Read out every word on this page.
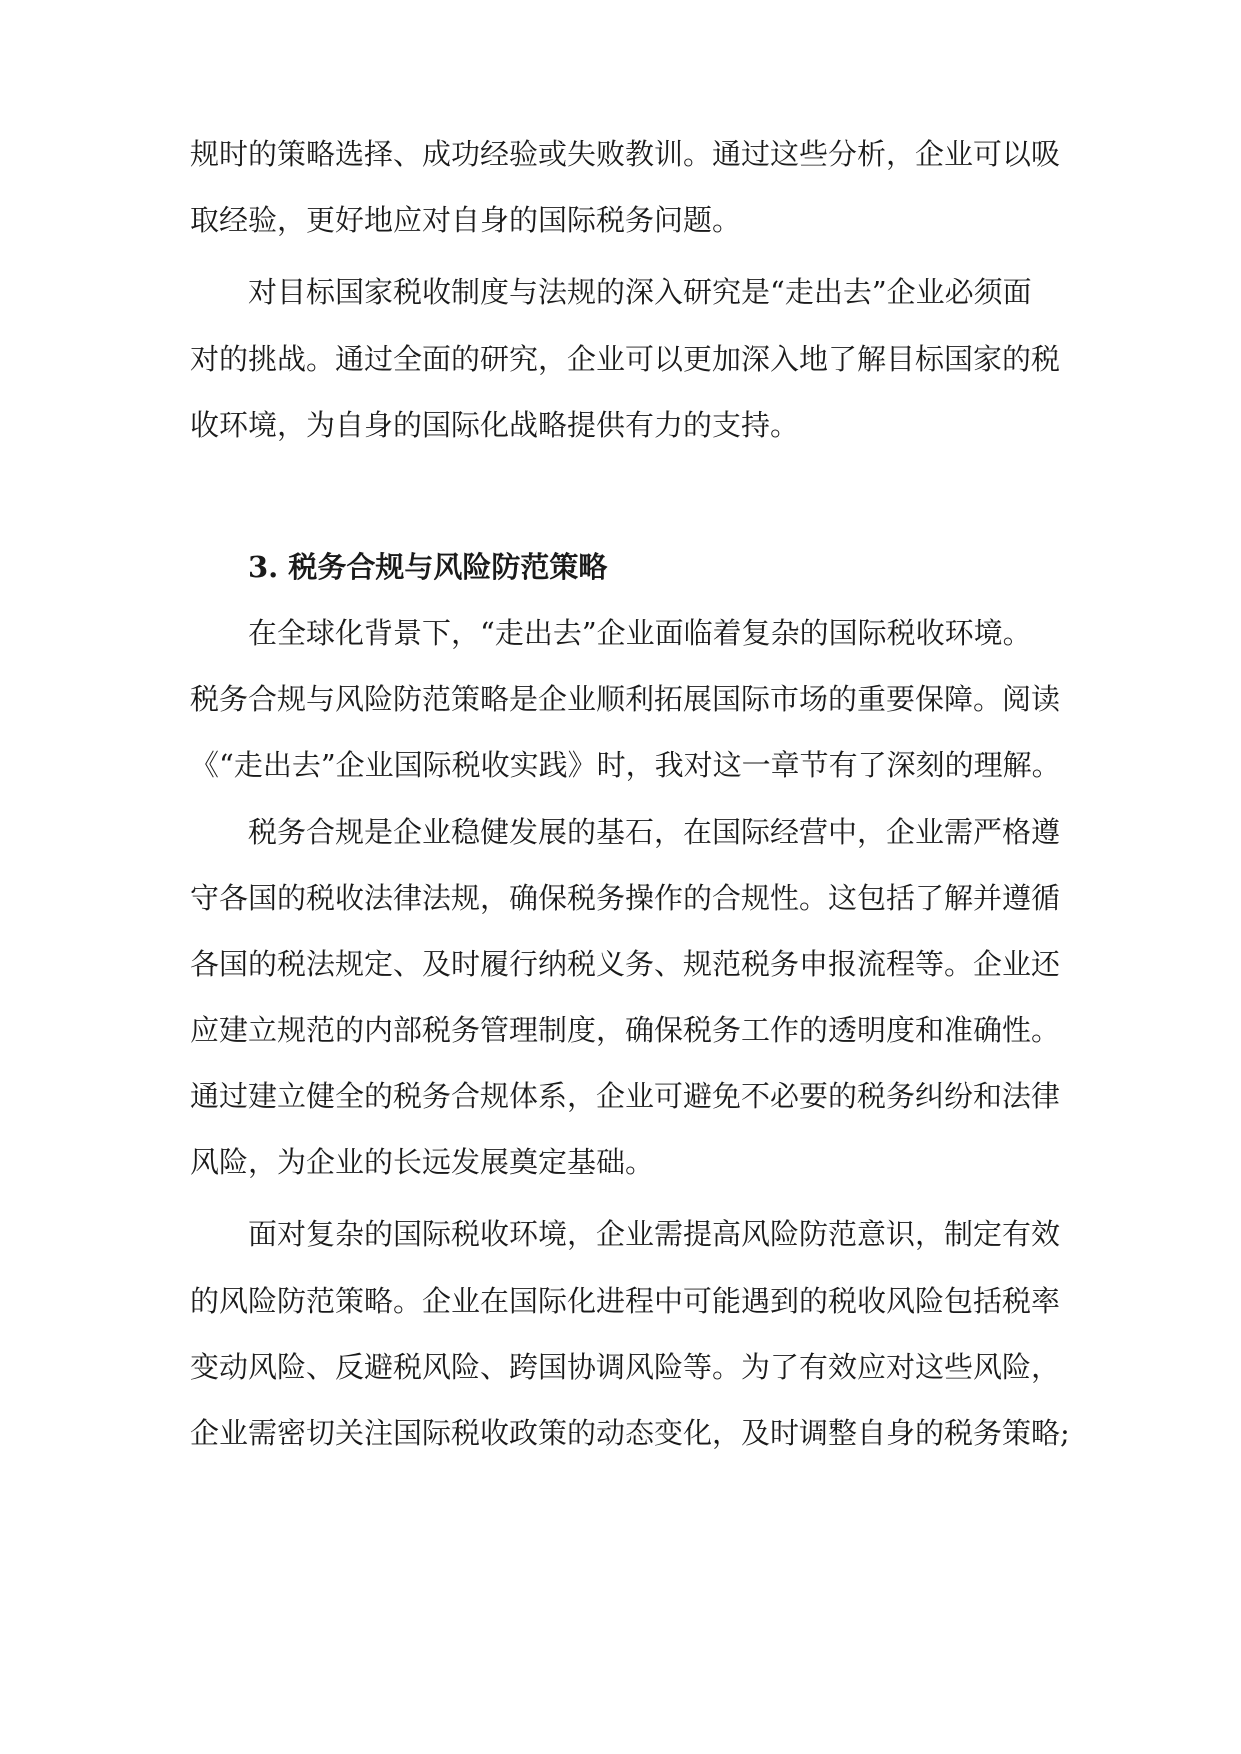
规时的策略选择、成功经验或失败教训。通过这些分析，企业可以吸
取经验，更好地应对自身的国际税务问题。
对目标国家税收制度与法规的深入研究是“走出去”企业必须面
对的挑战。通过全面的研究，企业可以更加深入地了解目标国家的税
收环境，为自身的国际化战略提供有力的支持。
3. 税务合规与风险防范策略
在全球化背景下，“走出去”企业面临着复杂的国际税收环境。
税务合规与风险防范策略是企业顺利拓展国际市场的重要保障。阅读
《“走出去”企业国际税收实践》时，我对这一章节有了深刻的理解。
税务合规是企业稳健发展的基石，在国际经营中，企业需严格遵
守各国的税收法律法规，确保税务操作的合规性。这包括了解并遵循
各国的税法规定、及时履行纳税义务、规范税务申报流程等。企业还
应建立规范的内部税务管理制度，确保税务工作的透明度和准确性。
通过建立健全的税务合规体系，企业可避免不必要的税务纠纷和法律
风险，为企业的长远发展奠定基础。
面对复杂的国际税收环境，企业需提高风险防范意识，制定有效
的风险防范策略。企业在国际化进程中可能遇到的税收风险包括税率
变动风险、反避税风险、跨国协调风险等。为了有效应对这些风险，
企业需密切关注国际税收政策的动态变化，及时调整自身的税务策略;
